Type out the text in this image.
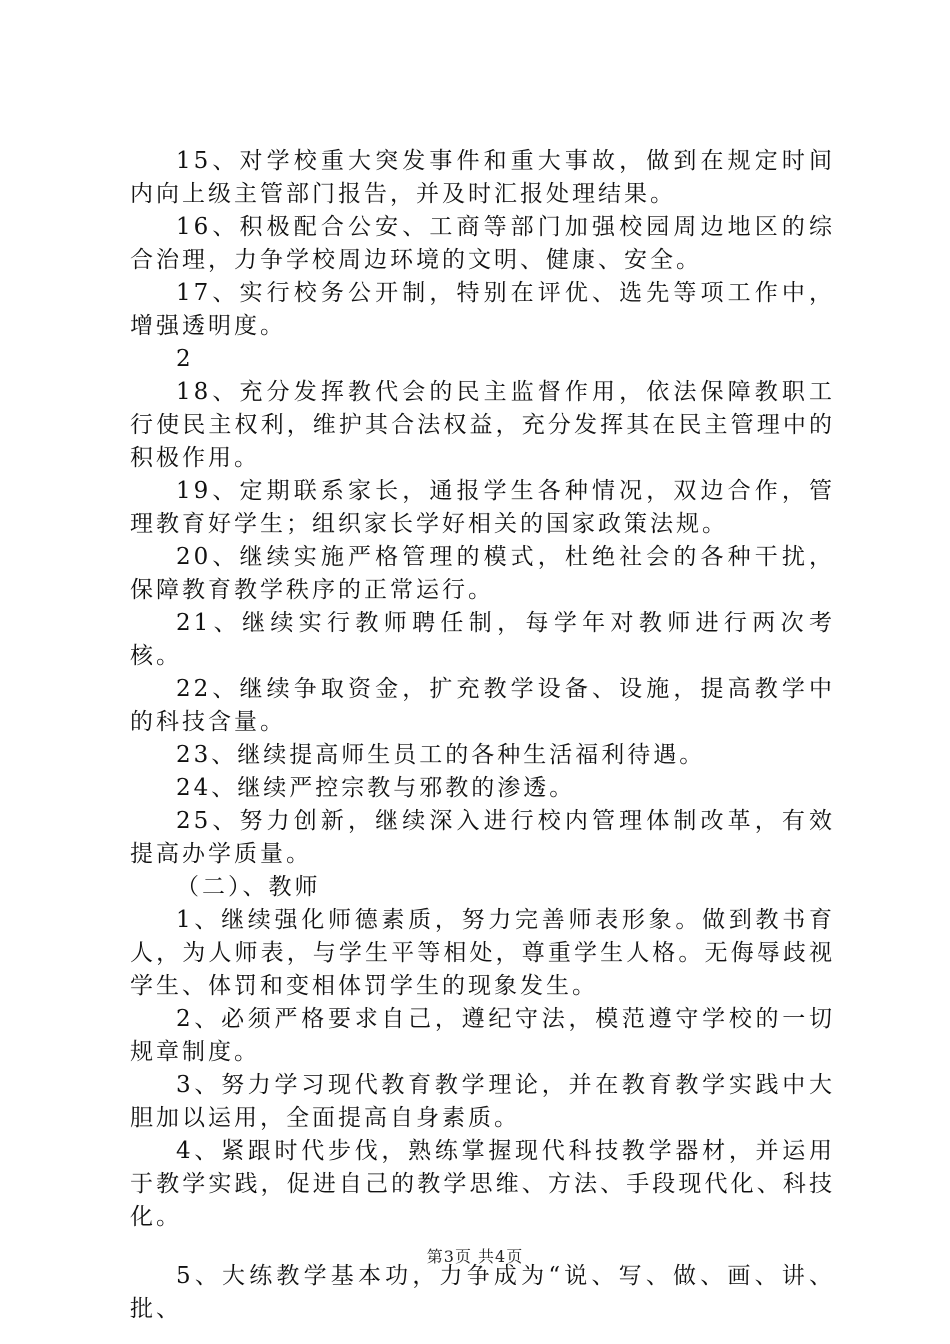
15、对学校重大突发事件和重大事故，做到在规定时间内向上级主管部门报告，并及时汇报处理结果。

16、积极配合公安、工商等部门加强校园周边地区的综合治理，力争学校周边环境的文明、健康、安全。

17、实行校务公开制，特别在评优、选先等项工作中，增强透明度。

2

18、充分发挥教代会的民主监督作用，依法保障教职工行使民主权利，维护其合法权益，充分发挥其在民主管理中的积极作用。

19、定期联系家长，通报学生各种情况，双边合作，管理教育好学生；组织家长学好相关的国家政策法规。

20、继续实施严格管理的模式，杜绝社会的各种干扰，保障教育教学秩序的正常运行。

21、继续实行教师聘任制，每学年对教师进行两次考核。

22、继续争取资金，扩充教学设备、设施，提高教学中的科技含量。

23、继续提高师生员工的各种生活福利待遇。

24、继续严控宗教与邪教的渗透。

25、努力创新，继续深入进行校内管理体制改革，有效提高办学质量。

（二）、教师

1、继续强化师德素质，努力完善师表形象。做到教书育人，为人师表，与学生平等相处，尊重学生人格。无侮辱歧视学生、体罚和变相体罚学生的现象发生。

2、必须严格要求自己，遵纪守法，模范遵守学校的一切规章制度。

3、努力学习现代教育教学理论，并在教育教学实践中大胆加以运用，全面提高自身素质。

4、紧跟时代步伐，熟练掌握现代科技教学器材，并运用于教学实践，促进自己的教学思维、方法、手段现代化、科技化。

5、大练教学基本功，力争成为“说、写、做、画、讲、批、

第3页 共4页
